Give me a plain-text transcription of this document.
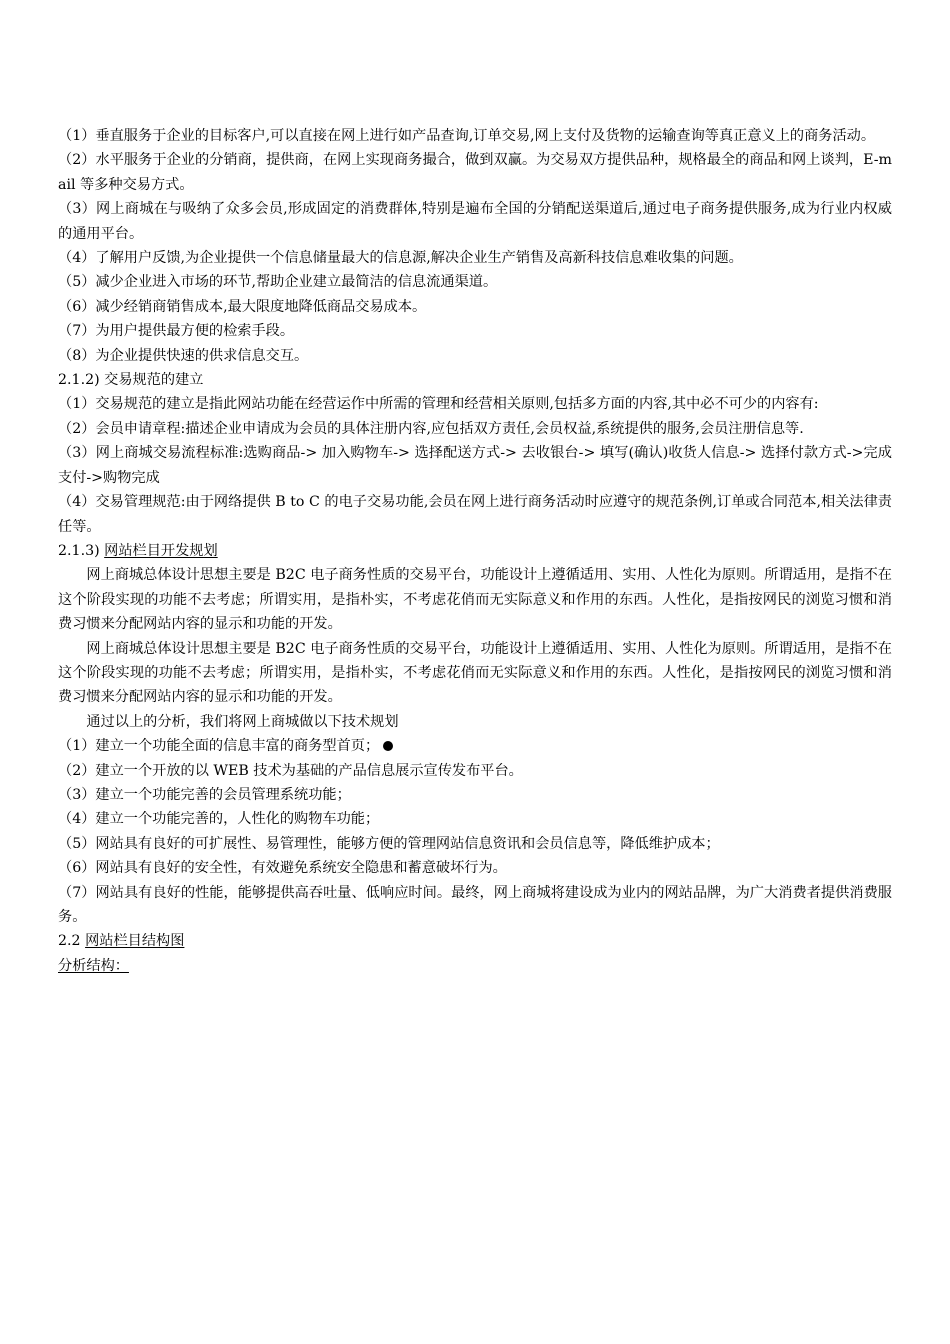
（1）垂直服务于企业的目标客户,可以直接在网上进行如产品查询,订单交易,网上支付及货物的运输查询等真正意义上的商务活动。

（2）水平服务于企业的分销商，提供商，在网上实现商务撮合，做到双赢。为交易双方提供品种，规格最全的商品和网上谈判，E-mail 等多种交易方式。

（3）网上商城在与吸纳了众多会员,形成固定的消费群体,特别是遍布全国的分销配送渠道后,通过电子商务提供服务,成为行业内权威的通用平台。

（4）了解用户反馈,为企业提供一个信息储量最大的信息源,解决企业生产销售及高新科技信息难收集的问题。

（5）减少企业进入市场的环节,帮助企业建立最简洁的信息流通渠道。

（6）减少经销商销售成本,最大限度地降低商品交易成本。

（7）为用户提供最方便的检索手段。

（8）为企业提供快速的供求信息交互。

2.1.2) 交易规范的建立

（1）交易规范的建立是指此网站功能在经营运作中所需的管理和经营相关原则,包括多方面的内容,其中必不可少的内容有:

（2）会员申请章程:描述企业申请成为会员的具体注册内容,应包括双方责任,会员权益,系统提供的服务,会员注册信息等.

（3）网上商城交易流程标准:选购商品-> 加入购物车-> 选择配送方式-> 去收银台-> 填写(确认)收货人信息-> 选择付款方式->完成支付->购物完成

（4）交易管理规范:由于网络提供 B to C 的电子交易功能,会员在网上进行商务活动时应遵守的规范条例,订单或合同范本,相关法律责任等。

2.1.3) 网站栏目开发规划

网上商城总体设计思想主要是 B2C 电子商务性质的交易平台，功能设计上遵循适用、实用、人性化为原则。所谓适用，是指不在这个阶段实现的功能不去考虑；所谓实用，是指朴实，不考虑花俏而无实际意义和作用的东西。人性化，是指按网民的浏览习惯和消费习惯来分配网站内容的显示和功能的开发。

网上商城总体设计思想主要是 B2C 电子商务性质的交易平台，功能设计上遵循适用、实用、人性化为原则。所谓适用，是指不在这个阶段实现的功能不去考虑；所谓实用，是指朴实，不考虑花俏而无实际意义和作用的东西。人性化，是指按网民的浏览习惯和消费习惯来分配网站内容的显示和功能的开发。

通过以上的分析，我们将网上商城做以下技术规划

（1）建立一个功能全面的信息丰富的商务型首页；

（2）建立一个开放的以 WEB 技术为基础的产品信息展示宣传发布平台。

（3）建立一个功能完善的会员管理系统功能；

（4）建立一个功能完善的，人性化的购物车功能；

（5）网站具有良好的可扩展性、易管理性，能够方便的管理网站信息资讯和会员信息等，降低维护成本；

（6）网站具有良好的安全性，有效避免系统安全隐患和蓄意破坏行为。

（7）网站具有良好的性能，能够提供高吞吐量、低响应时间。最终，网上商城将建设成为业内的网站品牌，为广大消费者提供消费服务。

2.2 网站栏目结构图

分析结构：
